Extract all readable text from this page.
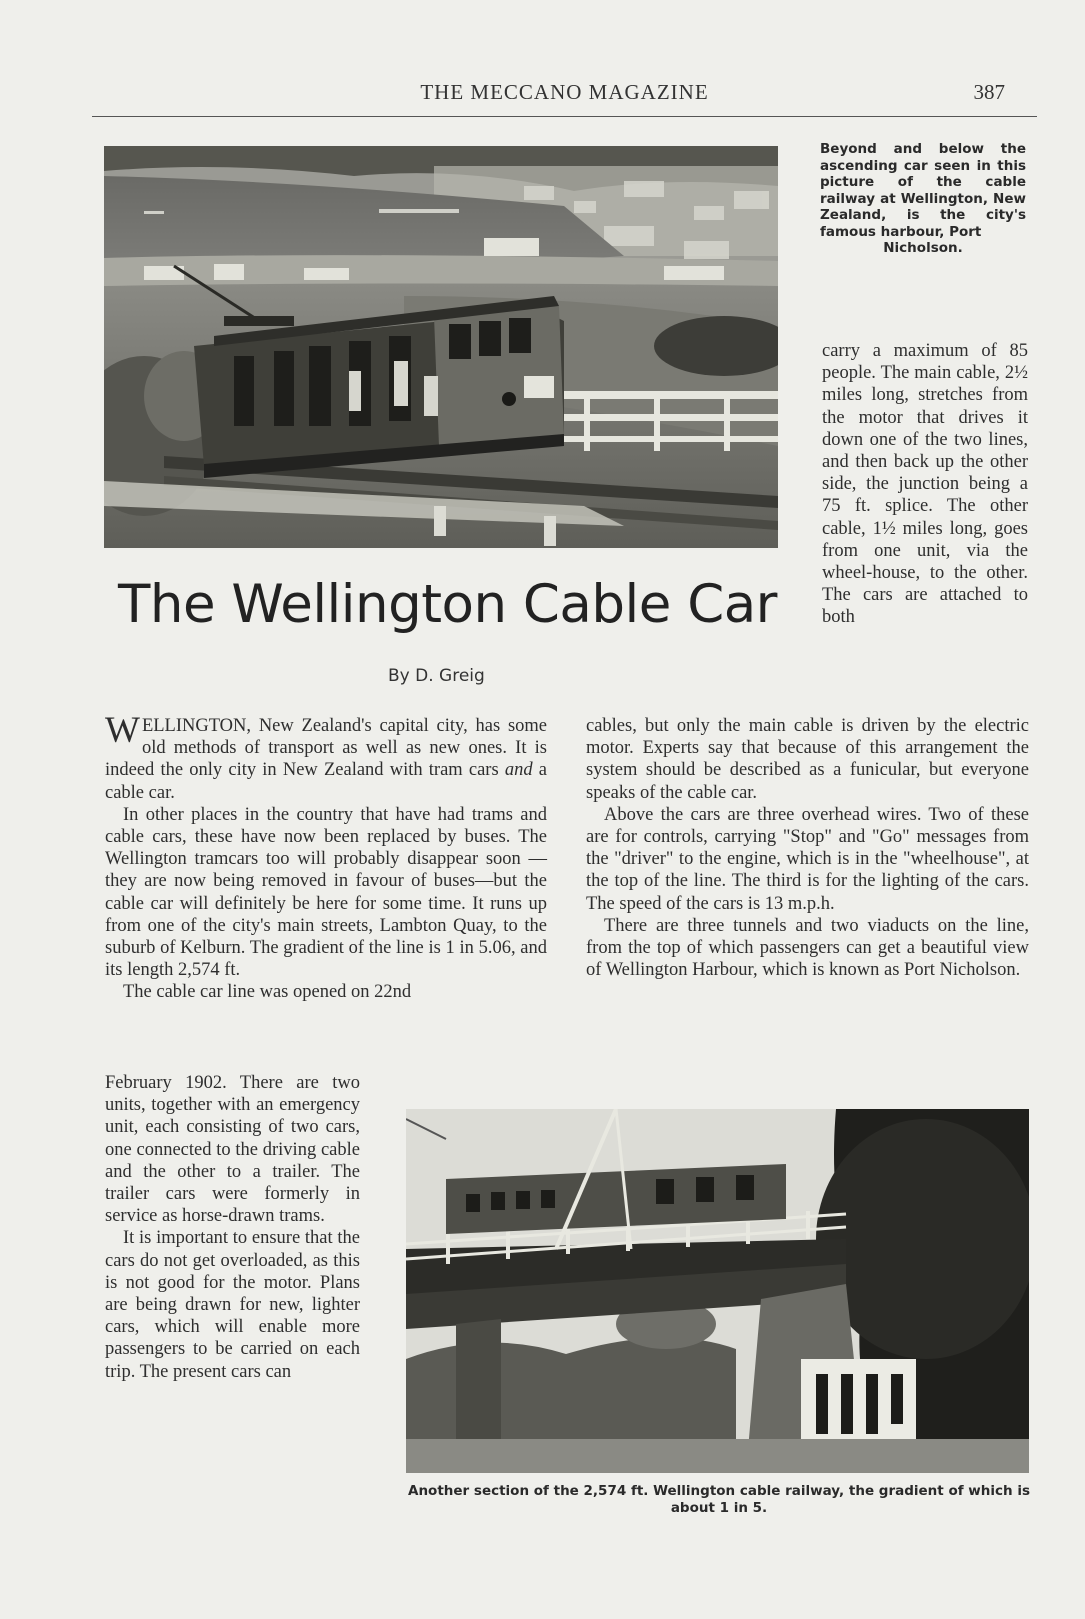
THE MECCANO MAGAZINE	387
Beyond and below the ascending car seen in this picture of the cable railway at Wellington, New Zealand, is the city's famous harbour, Port
Nicholson.

carry a maximum of 85 people. The main cable, 2½ miles long, stretches from the motor that drives it down one of the two lines, and then back up the other side, the junction being a 75 ft. splice. The other cable, 1½ miles long, goes from one unit, via the wheel-house, to the other. The cars are attached to both

The Wellington Cable Car
By D. Greig

WELLINGTON, New Zealand's capital city, has some old methods of transport as well as new ones. It is indeed the only city in New Zealand with tram cars and a cable car.

In other places in the country that have had trams and cable cars, these have now been replaced by buses. The Wellington tramcars too will probably disappear soon —they are now being removed in favour of buses—but the cable car will definitely be here for some time. It runs up from one of the city's main streets, Lambton Quay, to the suburb of Kelburn. The gradient of the line is 1 in 5.06, and its length 2,574 ft.

The cable car line was opened on 22nd

February 1902. There are two units, together with an emergency unit, each consisting of two cars, one connected to the driving cable and the other to a trailer. The trailer cars were formerly in service as horse-drawn trams.

It is important to ensure that the cars do not get overloaded, as this is not good for the motor. Plans are being drawn for new, lighter cars, which will enable more passengers to be carried on each trip. The present cars can

cables, but only the main cable is driven by the electric motor. Experts say that because of this arrangement the system should be described as a funicular, but everyone speaks of the cable car.

Above the cars are three overhead wires. Two of these are for controls, carrying "Stop" and "Go" messages from the "driver" to the engine, which is in the "wheelhouse", at the top of the line. The third is for the lighting of the cars. The speed of the cars is 13 m.p.h.

There are three tunnels and two viaducts on the line, from the top of which passengers can get a beautiful view of Wellington Harbour, which is known as Port Nicholson.

Another section of the 2,574 ft. Wellington cable railway, the gradient of which is about 1 in 5.
